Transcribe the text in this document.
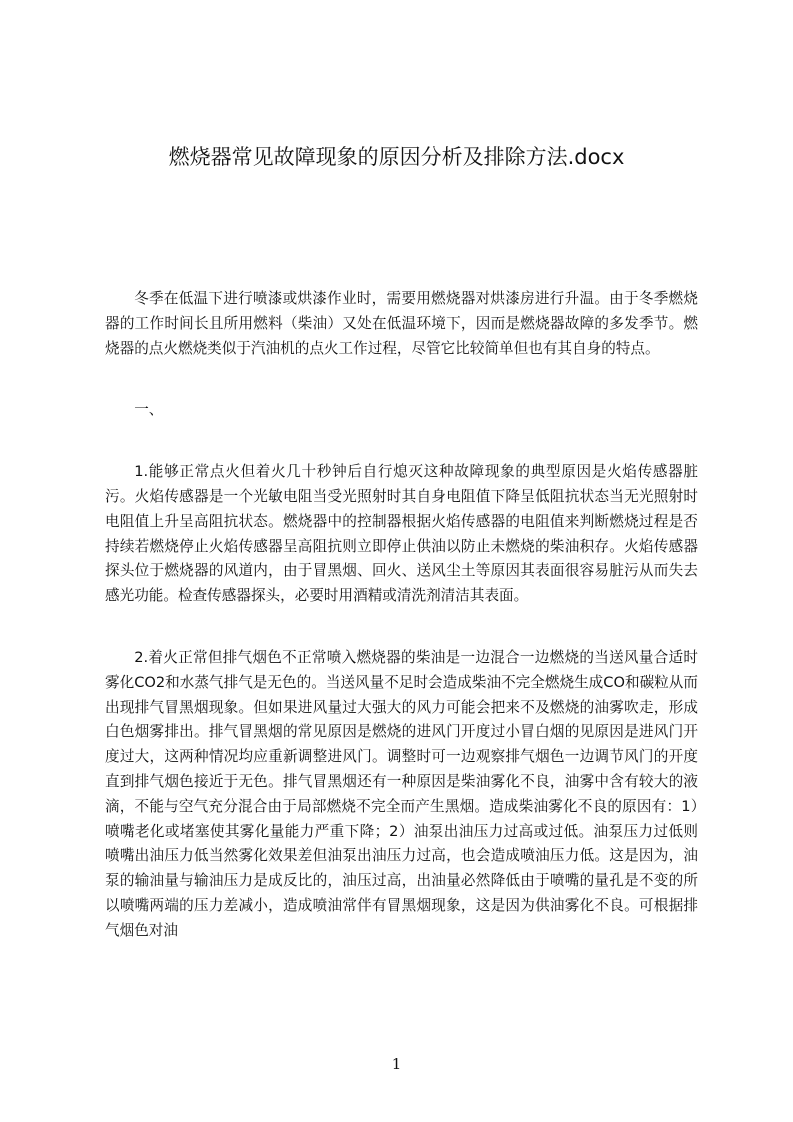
燃烧器常见故障现象的原因分析及排除方法.docx

冬季在低温下进行喷漆或烘漆作业时，需要用燃烧器对烘漆房进行升温。由于冬季燃烧器的工作时间长且所用燃料（柴油）又处在低温环境下，因而是燃烧器故障的多发季节。燃烧器的点火燃烧类似于汽油机的点火工作过程，尽管它比较简单但也有其自身的特点。

一、

1.能够正常点火但着火几十秒钟后自行熄灭这种故障现象的典型原因是火焰传感器脏污。火焰传感器是一个光敏电阻当受光照射时其自身电阻值下降呈低阻抗状态当无光照射时电阻值上升呈高阻抗状态。燃烧器中的控制器根据火焰传感器的电阻值来判断燃烧过程是否持续若燃烧停止火焰传感器呈高阻抗则立即停止供油以防止未燃烧的柴油积存。火焰传感器探头位于燃烧器的风道内，由于冒黑烟、回火、送风尘土等原因其表面很容易脏污从而失去感光功能。检查传感器探头，必要时用酒精或清洗剂清洁其表面。

2.着火正常但排气烟色不正常喷入燃烧器的柴油是一边混合一边燃烧的当送风量合适时雾化CO2和水蒸气排气是无色的。当送风量不足时会造成柴油不完全燃烧生成CO和碳粒从而出现排气冒黑烟现象。但如果进风量过大强大的风力可能会把来不及燃烧的油雾吹走，形成白色烟雾排出。排气冒黑烟的常见原因是燃烧的进风门开度过小冒白烟的见原因是进风门开度过大，这两种情况均应重新调整进风门。调整时可一边观察排气烟色一边调节风门的开度直到排气烟色接近于无色。排气冒黑烟还有一种原因是柴油雾化不良，油雾中含有较大的液滴，不能与空气充分混合由于局部燃烧不完全而产生黑烟。造成柴油雾化不良的原因有：1）喷嘴老化或堵塞使其雾化量能力严重下降；2）油泵出油压力过高或过低。油泵压力过低则喷嘴出油压力低当然雾化效果差但油泵出油压力过高，也会造成喷油压力低。这是因为，油泵的输油量与输油压力是成反比的，油压过高，出油量必然降低由于喷嘴的量孔是不变的所以喷嘴两端的压力差减小，造成喷油常伴有冒黑烟现象，这是因为供油雾化不良。可根据排气烟色对油

1
